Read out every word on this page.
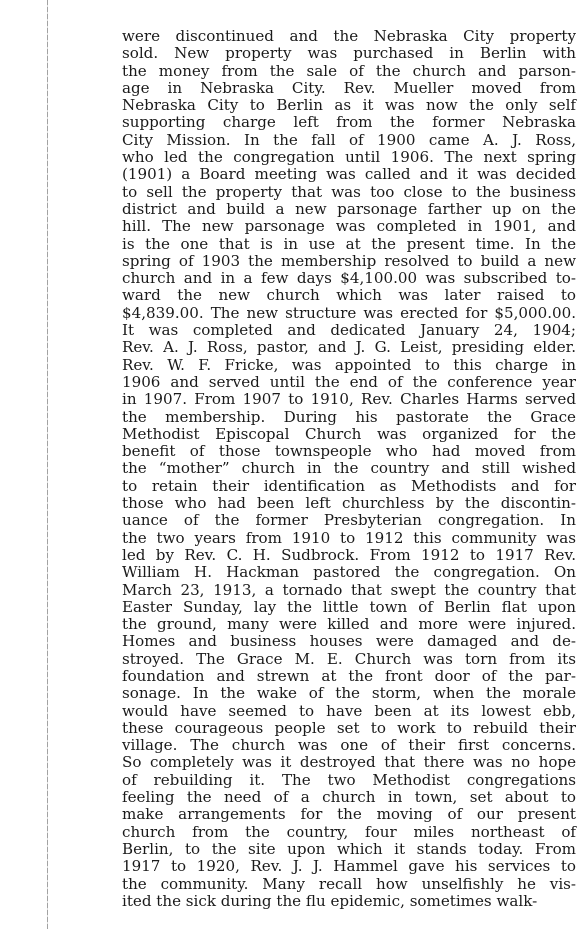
were discontinued and the Nebraska City property
sold. New property was purchased in Berlin with
the money from the sale of the church and parson-
age in Nebraska City. Rev. Mueller moved from
Nebraska City to Berlin as it was now the only self
supporting charge left from the former Nebraska
City Mission. In the fall of 1900 came A. J. Ross,
who led the congregation until 1906. The next spring
(1901) a Board meeting was called and it was decided
to sell the property that was too close to the business
district and build a new parsonage farther up on the
hill. The new parsonage was completed in 1901, and
is the one that is in use at the present time. In the
spring of 1903 the membership resolved to build a new
church and in a few days $4,100.00 was subscribed to-
ward the new church which was later raised to
$4,839.00. The new structure was erected for $5,000.00.
It was completed and dedicated January 24, 1904;
Rev. A. J. Ross, pastor, and J. G. Leist, presiding elder.
Rev. W. F. Fricke, was appointed to this charge in
1906 and served until the end of the conference year
in 1907. From 1907 to 1910, Rev. Charles Harms served
the membership. During his pastorate the Grace
Methodist Episcopal Church was organized for the
benefit of those townspeople who had moved from
the “mother” church in the country and still wished
to retain their identification as Methodists and for
those who had been left churchless by the discontin-
uance of the former Presbyterian congregation. In
the two years from 1910 to 1912 this community was
led by Rev. C. H. Sudbrock. From 1912 to 1917 Rev.
William H. Hackman pastored the congregation. On
March 23, 1913, a tornado that swept the country that
Easter Sunday, lay the little town of Berlin flat upon
the ground, many were killed and more were injured.
Homes and business houses were damaged and de-
stroyed. The Grace M. E. Church was torn from its
foundation and strewn at the front door of the par-
sonage. In the wake of the storm, when the morale
would have seemed to have been at its lowest ebb,
these courageous people set to work to rebuild their
village. The church was one of their first concerns.
So completely was it destroyed that there was no hope
of rebuilding it. The two Methodist congregations
feeling the need of a church in town, set about to
make arrangements for the moving of our present
church from the country, four miles northeast of
Berlin, to the site upon which it stands today. From
1917 to 1920, Rev. J. J. Hammel gave his services to
the community. Many recall how unselfishly he vis-
ited the sick during the flu epidemic, sometimes walk-
